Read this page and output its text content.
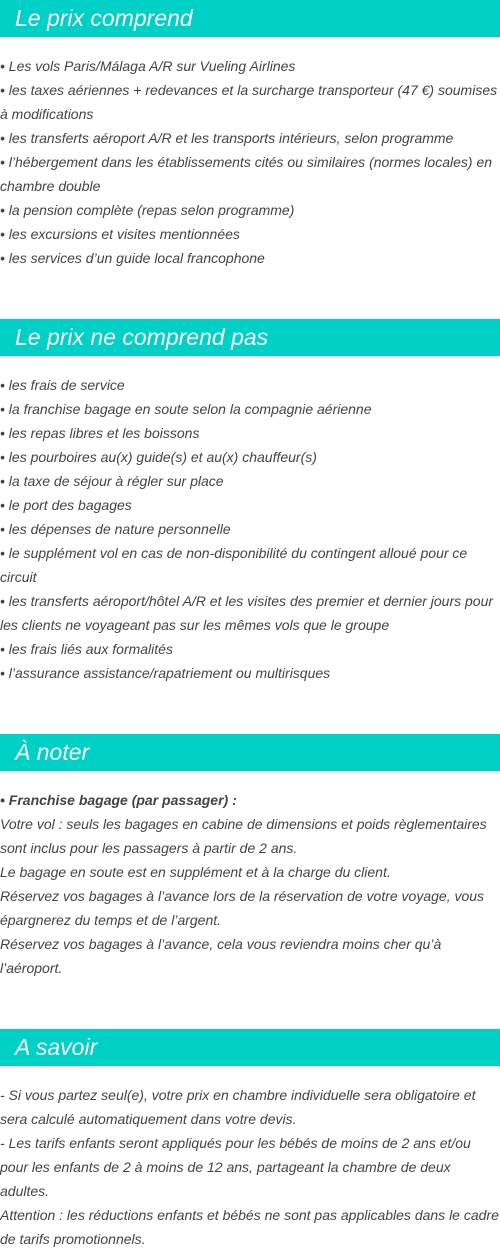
Le prix comprend

• Les vols Paris/Málaga A/R sur Vueling Airlines

• les taxes aériennes + redevances et la surcharge transporteur (47 €) soumises à modifications

• les transferts aéroport A/R et les transports intérieurs, selon programme

• l’hébergement dans les établissements cités ou similaires (normes locales) en chambre double

• la pension complète (repas selon programme)

• les excursions et visites mentionnées

• les services d’un guide local francophone

Le prix ne comprend pas

• les frais de service

• la franchise bagage en soute selon la compagnie aérienne

• les repas libres et les boissons

• les pourboires au(x) guide(s) et au(x) chauffeur(s)

• la taxe de séjour à régler sur place

• le port des bagages

• les dépenses de nature personnelle

• le supplément vol en cas de non-disponibilité du contingent alloué pour ce circuit

• les transferts aéroport/hôtel A/R et les visites des premier et dernier jours pour les clients ne voyageant pas sur les mêmes vols que le groupe

• les frais liés aux formalités

• l’assurance assistance/rapatriement ou multirisques

À noter

• Franchise bagage (par passager) :

Votre vol : seuls les bagages en cabine de dimensions et poids règlementaires sont inclus pour les passagers à partir de 2 ans.

Le bagage en soute est en supplément et à la charge du client.

Réservez vos bagages à l’avance lors de la réservation de votre voyage, vous épargnerez du temps et de l’argent.

Réservez vos bagages à l’avance, cela vous reviendra moins cher qu’à l’aéroport.

A savoir

- Si vous partez seul(e), votre prix en chambre individuelle sera obligatoire et sera calculé automatiquement dans votre devis.

- Les tarifs enfants seront appliqués pour les bébés de moins de 2 ans et/ou pour les enfants de 2 à moins de 12 ans, partageant la chambre de deux adultes.

Attention : les réductions enfants et bébés ne sont pas applicables dans le cadre de tarifs promotionnels.
